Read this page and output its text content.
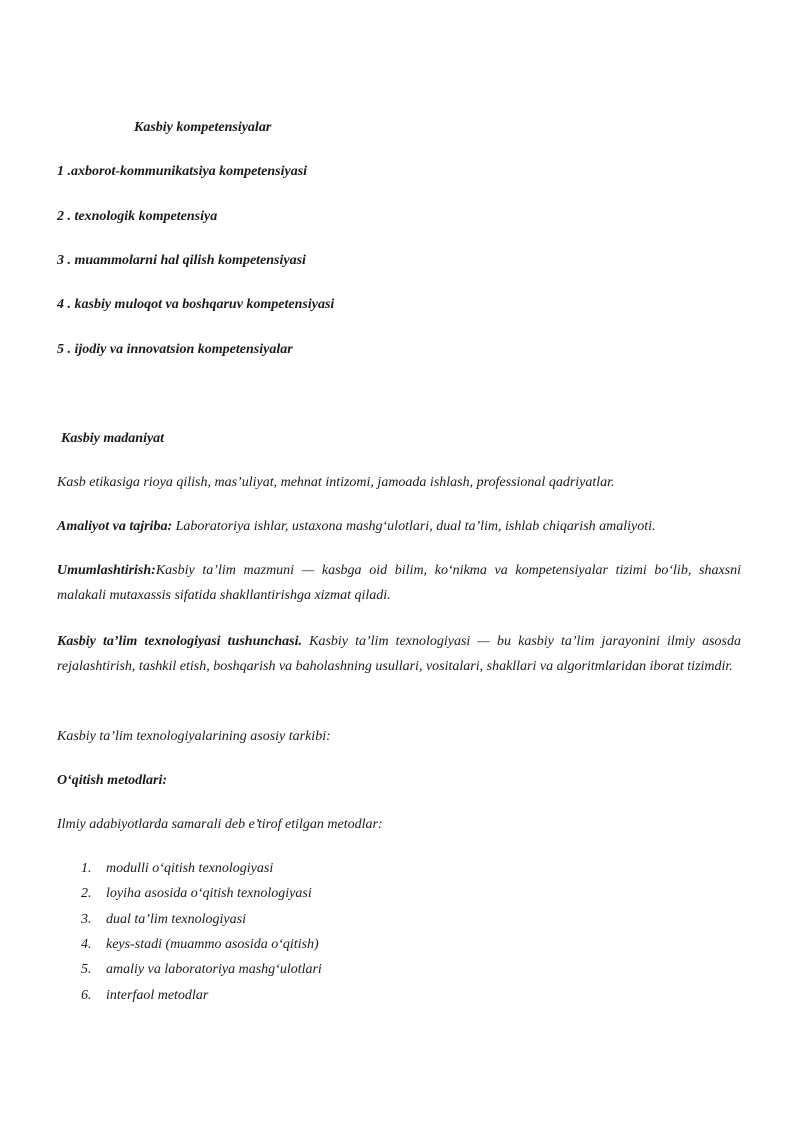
Kasbiy kompetensiyalar
1 .axborot-kommunikatsiya kompetensiyasi
2 . texnologik kompetensiya
3 . muammolarni hal qilish kompetensiyasi
4 . kasbiy muloqot va boshqaruv kompetensiyasi
5 . ijodiy va innovatsion kompetensiyalar
Kasbiy madaniyat
Kasb etikasiga rioya qilish, mas’uliyat, mehnat intizomi, jamoada ishlash, professional qadriyatlar.
Amaliyot va tajriba: Laboratoriya ishlar, ustaxona mashg‘ulotlari, dual ta’lim, ishlab chiqarish amaliyoti.
Umumlashtirish:Kasbiy ta’lim mazmuni — kasbga oid bilim, ko‘nikma va kompetensiyalar tizimi bo‘lib, shaxsni malakali mutaxassis sifatida shakllantirishga xizmat qiladi.
Kasbiy ta’lim texnologiyasi tushunchasi. Kasbiy ta’lim texnologiyasi — bu kasbiy ta’lim jarayonini ilmiy asosda rejalashtirish, tashkil etish, boshqarish va baholashning usullari, vositalari, shakllari va algoritmlaridan iborat tizimdir.
Kasbiy ta’lim texnologiyalarining asosiy tarkibi:
O‘qitish metodlari:
Ilmiy adabiyotlarda samarali deb e’tirof etilgan metodlar:
1. modulli o‘qitish texnologiyasi
2. loyiha asosida o‘qitish texnologiyasi
3. dual ta’lim texnologiyasi
4. keys-stadi (muammo asosida o‘qitish)
5. amaliy va laboratoriya mashg‘ulotlari
6. interfaol metodlar
